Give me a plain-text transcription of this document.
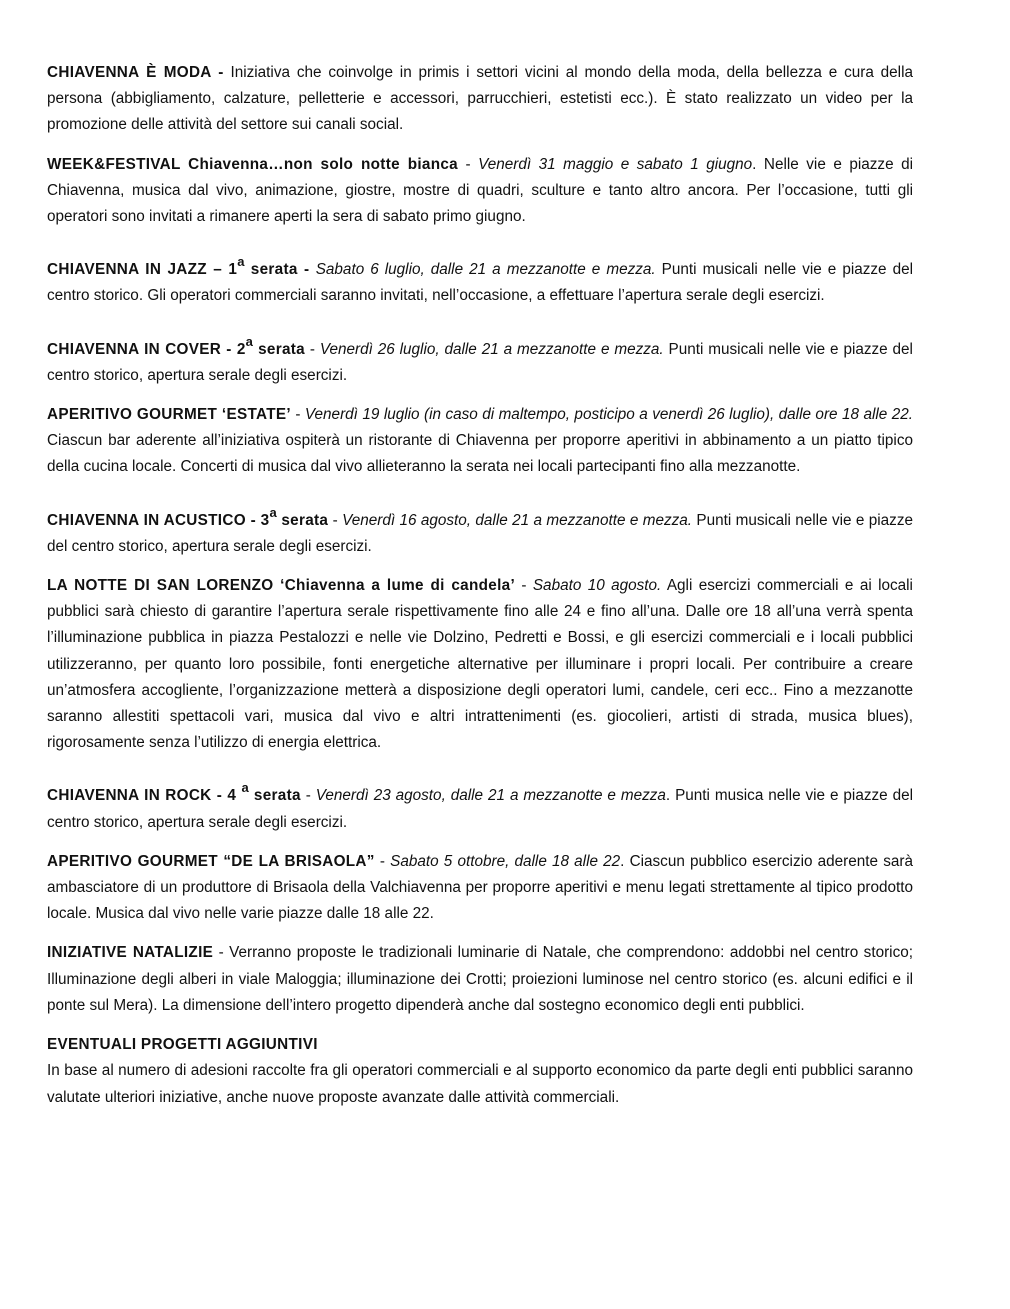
CHIAVENNA È MODA - Iniziativa che coinvolge in primis i settori vicini al mondo della moda, della bellezza e cura della persona (abbigliamento, calzature, pelletterie e accessori, parrucchieri, estetisti ecc.). È stato realizzato un video per la promozione delle attività del settore sui canali social.

WEEK&FESTIVAL Chiavenna…non solo notte bianca - Venerdì 31 maggio e sabato 1 giugno. Nelle vie e piazze di Chiavenna, musica dal vivo, animazione, giostre, mostre di quadri, sculture e tanto altro ancora. Per l’occasione, tutti gli operatori sono invitati a rimanere aperti la sera di sabato primo giugno.

CHIAVENNA IN JAZZ – 1$^a$ serata - Sabato 6 luglio, dalle 21 a mezzanotte e mezza. Punti musicali nelle vie e piazze del centro storico. Gli operatori commerciali saranno invitati, nell’occasione, a effettuare l’apertura serale degli esercizi.

CHIAVENNA IN COVER - 2$^a$ serata - Venerdì 26 luglio, dalle 21 a mezzanotte e mezza. Punti musicali nelle vie e piazze del centro storico, apertura serale degli esercizi.

APERITIVO GOURMET ‘ESTATE’ - Venerdì 19 luglio (in caso di maltempo, posticipo a venerdì 26 luglio), dalle ore 18 alle 22. Ciascun bar aderente all’iniziativa ospiterà un ristorante di Chiavenna per proporre aperitivi in abbinamento a un piatto tipico della cucina locale. Concerti di musica dal vivo allieteranno la serata nei locali partecipanti fino alla mezzanotte.

CHIAVENNA IN ACUSTICO - 3$^a$ serata - Venerdì 16 agosto, dalle 21 a mezzanotte e mezza. Punti musicali nelle vie e piazze del centro storico, apertura serale degli esercizi.

LA NOTTE DI SAN LORENZO ‘Chiavenna a lume di candela’ - Sabato 10 agosto. Agli esercizi commerciali e ai locali pubblici sarà chiesto di garantire l’apertura serale rispettivamente fino alle 24 e fino all’una. Dalle ore 18 all’una verrà spenta l’illuminazione pubblica in piazza Pestalozzi e nelle vie Dolzino, Pedretti e Bossi, e gli esercizi commerciali e i locali pubblici utilizzeranno, per quanto loro possibile, fonti energetiche alternative per illuminare i propri locali. Per contribuire a creare un’atmosfera accogliente, l’organizzazione metterà a disposizione degli operatori lumi, candele, ceri ecc.. Fino a mezzanotte saranno allestiti spettacoli vari, musica dal vivo e altri intrattenimenti (es. giocolieri, artisti di strada, musica blues), rigorosamente senza l’utilizzo di energia elettrica.

CHIAVENNA IN ROCK - 4 $^a$ serata - Venerdì 23 agosto, dalle 21 a mezzanotte e mezza. Punti musica nelle vie e piazze del centro storico, apertura serale degli esercizi.

APERITIVO GOURMET “DE LA BRISAOLA” - Sabato 5 ottobre, dalle 18 alle 22. Ciascun pubblico esercizio aderente sarà ambasciatore di un produttore di Brisaola della Valchiavenna per proporre aperitivi e menu legati strettamente al tipico prodotto locale. Musica dal vivo nelle varie piazze dalle 18 alle 22.

INIZIATIVE NATALIZIE - Verranno proposte le tradizionali luminarie di Natale, che comprendono: addobbi nel centro storico; Illuminazione degli alberi in viale Maloggia; illuminazione dei Crotti; proiezioni luminose nel centro storico (es. alcuni edifici e il ponte sul Mera). La dimensione dell’intero progetto dipenderà anche dal sostegno economico degli enti pubblici.

EVENTUALI PROGETTI AGGIUNTIVI
In base al numero di adesioni raccolte fra gli operatori commerciali e al supporto economico da parte degli enti pubblici saranno valutate ulteriori iniziative, anche nuove proposte avanzate dalle attività commerciali.
